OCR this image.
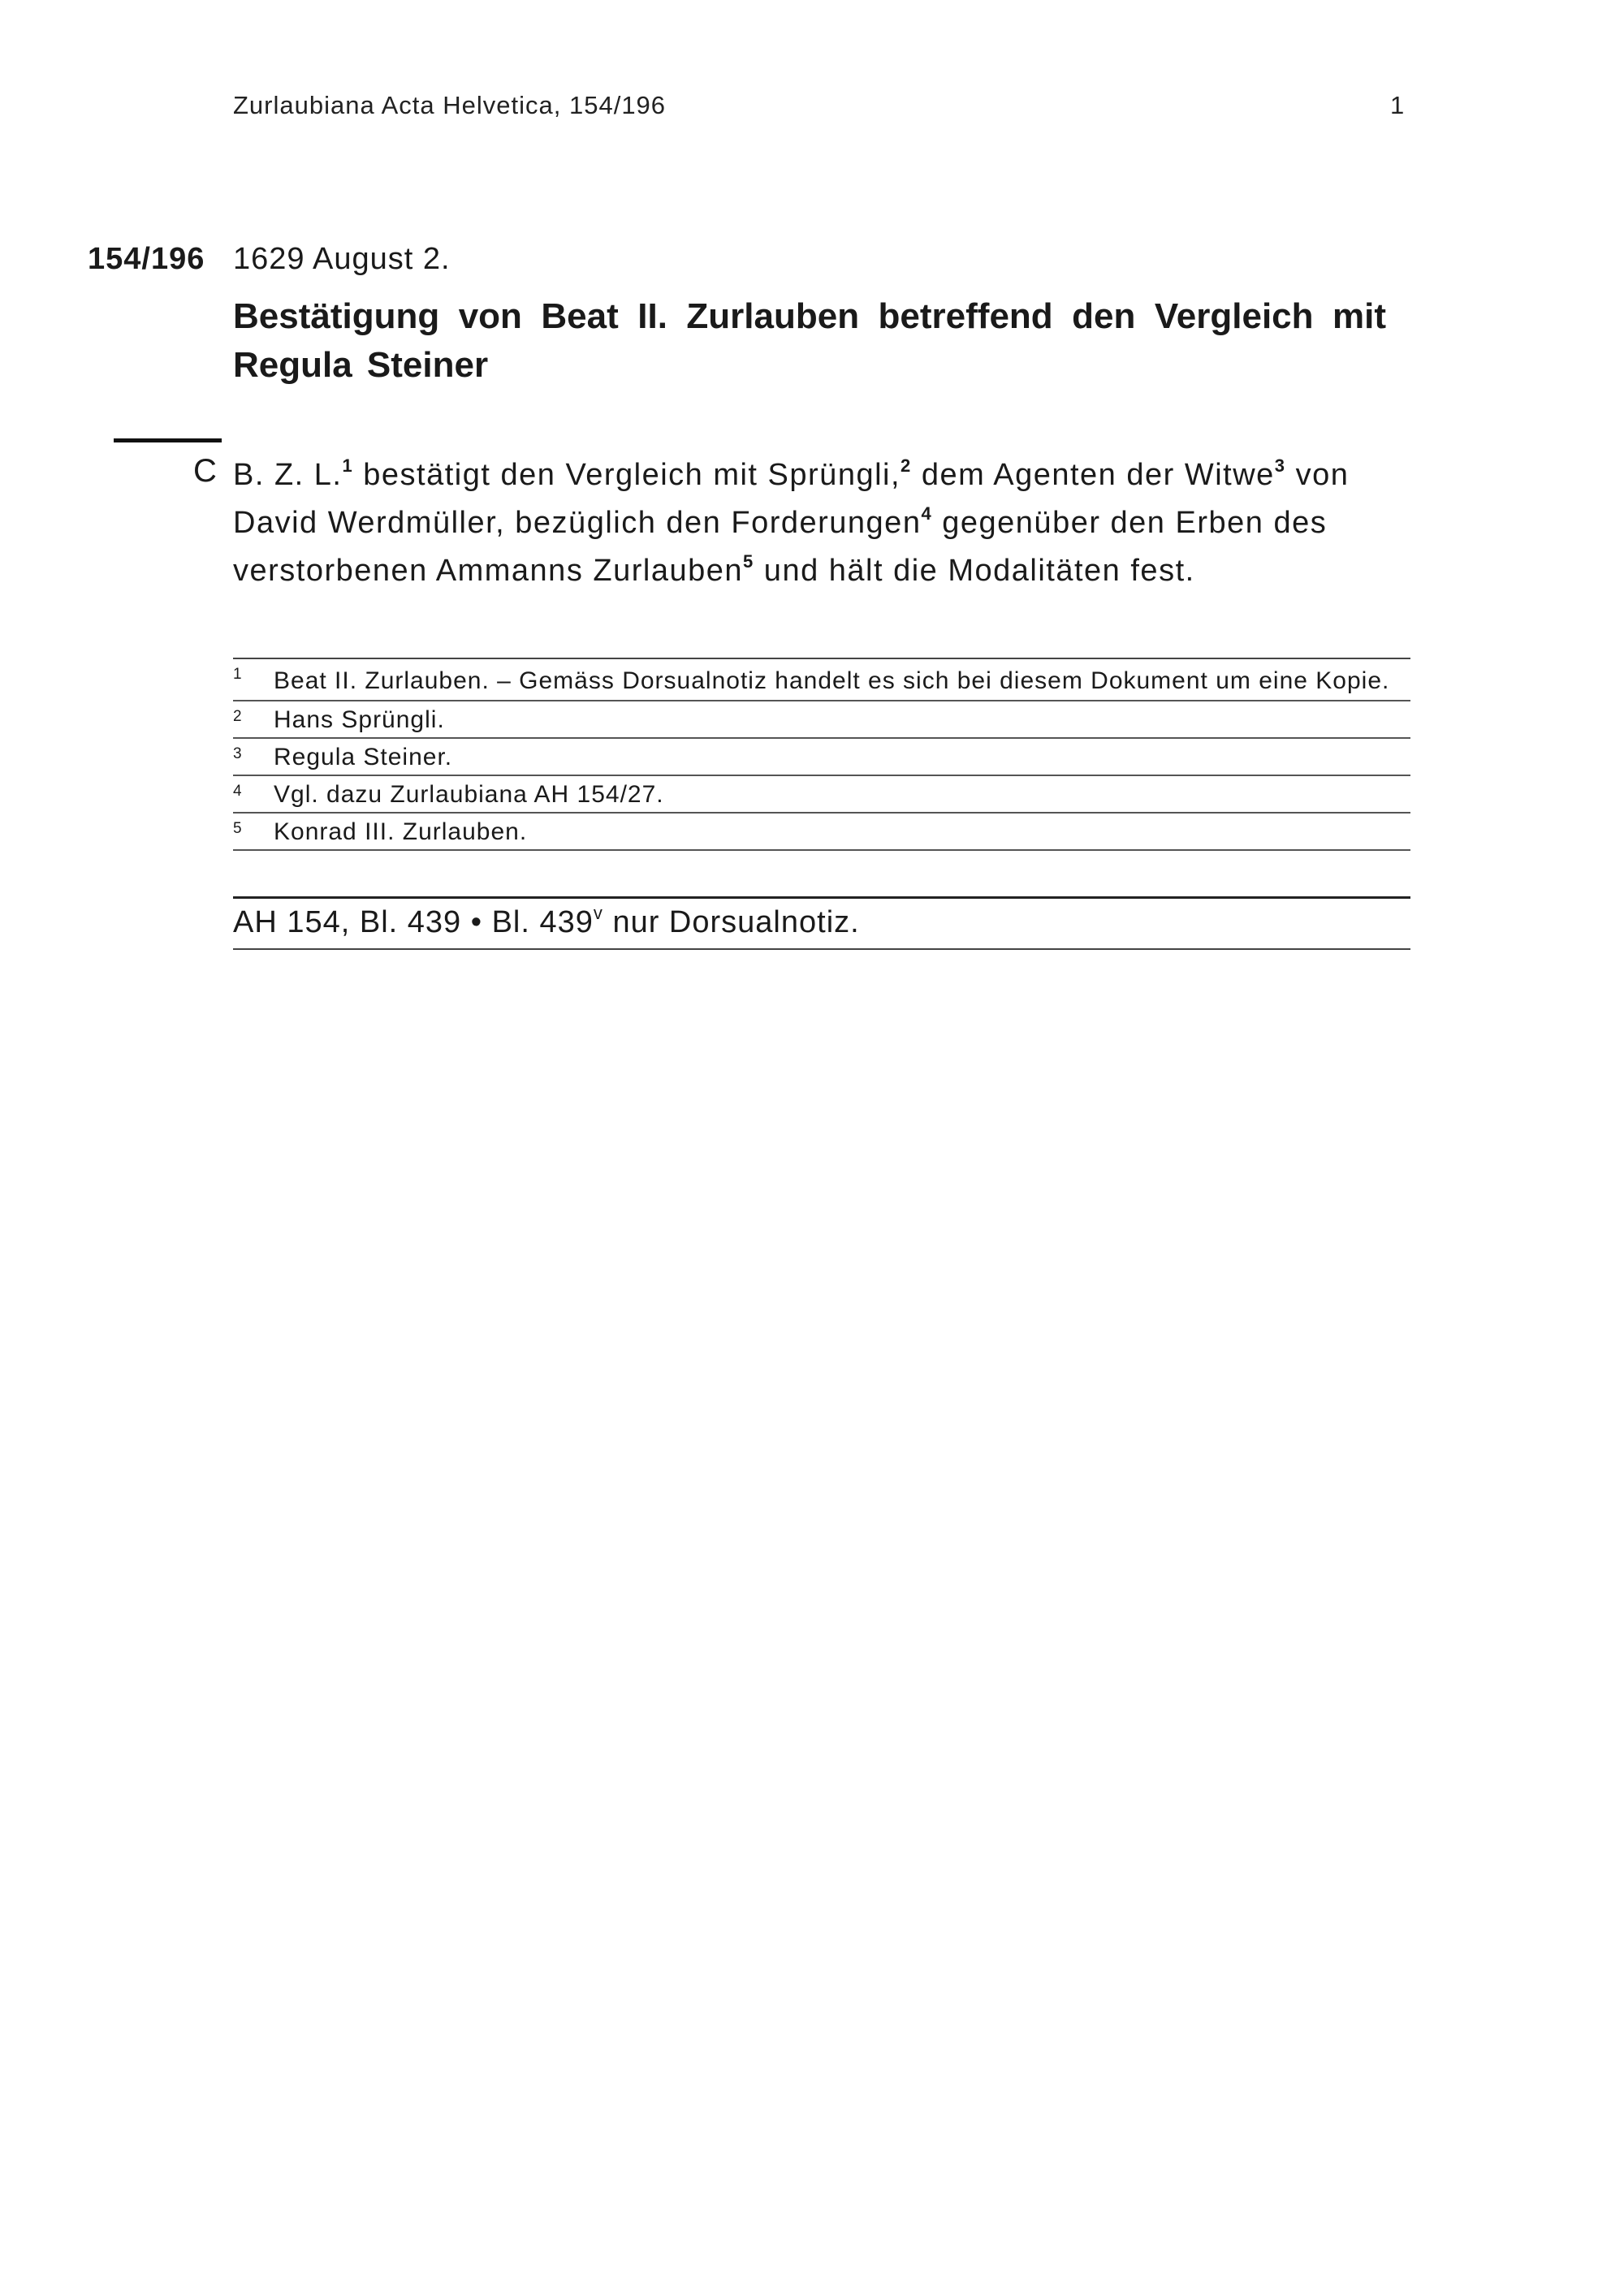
Zurlaubiana Acta Helvetica, 154/196	1
154/196 1629 August 2.
Bestätigung von Beat II. Zurlauben betreffend den Vergleich mit Regula Steiner
C B. Z. L.$^1$ bestätigt den Vergleich mit Sprüngli,$^2$ dem Agenten der Witwe$^3$ von David Werdmüller, bezüglich den Forderungen$^4$ gegenüber den Erben des verstorbenen Ammanns Zurlauben$^5$ und hält die Modalitäten fest.
1 Beat II. Zurlauben. – Gemäss Dorsualnotiz handelt es sich bei diesem Dokument um eine Kopie.
2 Hans Sprüngli.
3 Regula Steiner.
4 Vgl. dazu Zurlaubiana AH 154/27.
5 Konrad III. Zurlauben.
AH 154, Bl. 439 • Bl. 439$^v$ nur Dorsualnotiz.
